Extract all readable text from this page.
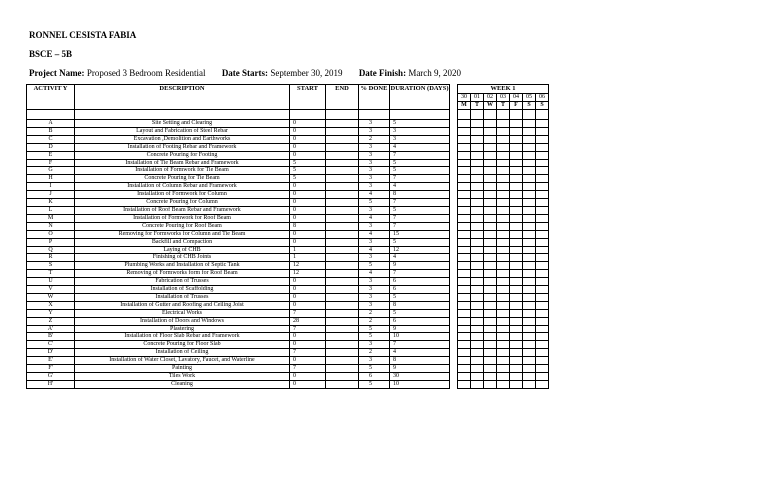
RONNEL CESISTA FABIA
BSCE – 5B
Project Name: Proposed 3 Bedroom Residential Date Starts: September 30, 2019 Date Finish: March 9, 2020
ACTIVIT Y	DESCRIPTION	START	END	% DONE	DURATION (DAYS)		WEEK 1						
							30	01	02	03	04	05	06
							M	T	W	T	F	S	S

A	Site Setting and Clearing	0		3	5								
B	Layout and Fabrication of Steel Rebar	0		3	3								
C	Excavation ,Demolition and Earthworks	0		2	3								
D	Installation of Footing Rebar and Framework	0		3	4								
E	Concrete Pouring for Footing	0		3	7								
F	Installation of Tie Beam Rebar and Framework	5		3	5								
G	Installation of Formwork for Tie Beam	5		3	5								
H	Concrete Pouring for Tie Beam	5		3	7								
I	Installation of Column Rebar and Framework	0		3	4								
J	Installation of Formwork for Column	0		4	8								
K	Concrete Pouring for Column	0		5	7								
L	Installation of Roof Beam Rebar and Framework	0		3	5								
M	Installation of Formwork for Roof Beam	0		4	7								
N	Concrete Pouring for Roof Beam	8		3	7								
O	Removing for Formworks for Column and Tie Beam	0		4	15								
P	Backfill and Compaction	0		3	5								
Q	Laying of CHB	1		4	12								
R	Finishing of CHB Joints	1		3	4								
S	Plumbing Works and Installation of Septic Tank	12		5	9								
T	Removing of Formworks form for Roof Beam	12		4	7								
U	Fabrication of Trusses	0		3	6								
V	Installation of Scaffolding	0		3	6								
W	Installation of Trusses	0		3	5								
X	Installation of Gutter and Roofing and Ceiling Joist	0		3	8								
Y	Electrical Works	7		2	5								
Z	Installation of Doors and Windows	28		2	6								
A'	Plastering	7		5	9								
B'	Installation of Floor Slab Rebar and Framework	0		5	10								
C'	Concrete Pouring for Floor Slab	0		3	7								
D'	Installation of Ceiling	7		2	4								
E'	Installation of Water Closet, Lavatory, Faucet, and Waterline	0		3	8								
F'	Painting	7		5	9								
G'	Tiles Work	0		6	30								
H'	Cleaning	0		5	10								
